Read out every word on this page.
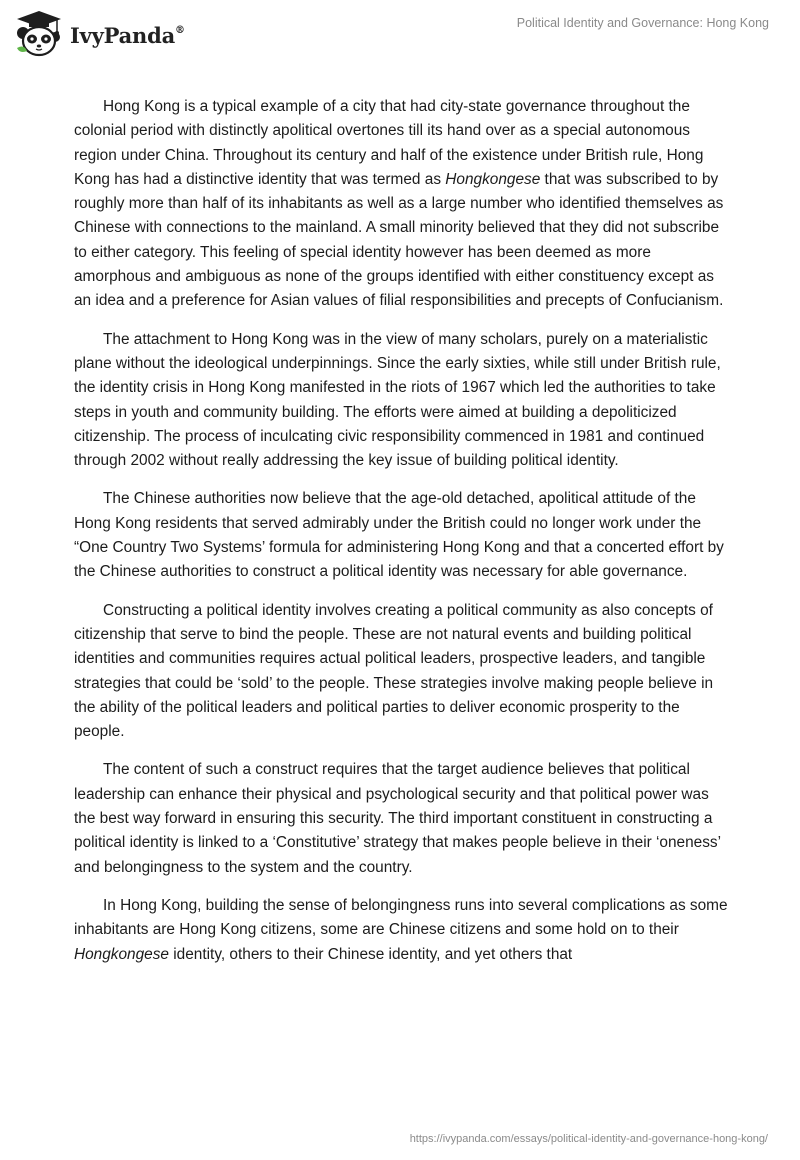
IvyPanda®	Political Identity and Governance: Hong Kong

Hong Kong is a typical example of a city that had city-state governance throughout the colonial period with distinctly apolitical overtones till its hand over as a special autonomous region under China. Throughout its century and half of the existence under British rule, Hong Kong has had a distinctive identity that was termed as Hongkongese that was subscribed to by roughly more than half of its inhabitants as well as a large number who identified themselves as Chinese with connections to the mainland. A small minority believed that they did not subscribe to either category. This feeling of special identity however has been deemed as more amorphous and ambiguous as none of the groups identified with either constituency except as an idea and a preference for Asian values of filial responsibilities and precepts of Confucianism.

The attachment to Hong Kong was in the view of many scholars, purely on a materialistic plane without the ideological underpinnings. Since the early sixties, while still under British rule, the identity crisis in Hong Kong manifested in the riots of 1967 which led the authorities to take steps in youth and community building. The efforts were aimed at building a depoliticized citizenship. The process of inculcating civic responsibility commenced in 1981 and continued through 2002 without really addressing the key issue of building political identity.

The Chinese authorities now believe that the age-old detached, apolitical attitude of the Hong Kong residents that served admirably under the British could no longer work under the “One Country Two Systems’ formula for administering Hong Kong and that a concerted effort by the Chinese authorities to construct a political identity was necessary for able governance.

Constructing a political identity involves creating a political community as also concepts of citizenship that serve to bind the people. These are not natural events and building political identities and communities requires actual political leaders, prospective leaders, and tangible strategies that could be ‘sold’ to the people. These strategies involve making people believe in the ability of the political leaders and political parties to deliver economic prosperity to the people.

The content of such a construct requires that the target audience believes that political leadership can enhance their physical and psychological security and that political power was the best way forward in ensuring this security. The third important constituent in constructing a political identity is linked to a ‘Constitutive’ strategy that makes people believe in their ‘oneness’ and belongingness to the system and the country.

In Hong Kong, building the sense of belongingness runs into several complications as some inhabitants are Hong Kong citizens, some are Chinese citizens and some hold on to their Hongkongese identity, others to their Chinese identity, and yet others that

https://ivypanda.com/essays/political-identity-and-governance-hong-kong/
